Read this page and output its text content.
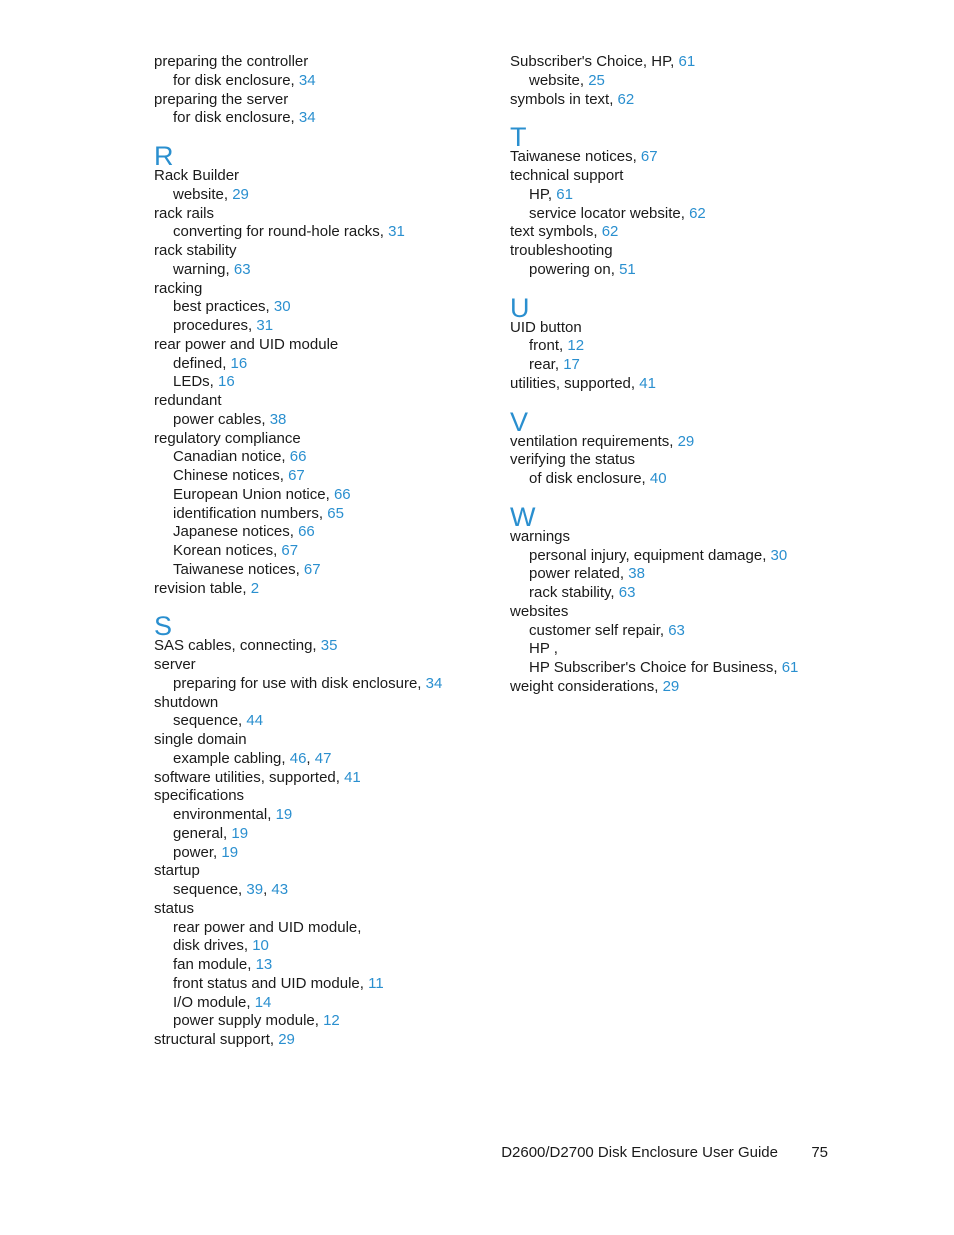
preparing the controller
for disk enclosure, 34
preparing the server
for disk enclosure, 34
R
Rack Builder
website, 29
rack rails
converting for round-hole racks, 31
rack stability
warning, 63
racking
best practices, 30
procedures, 31
rear power and UID module
defined, 16
LEDs, 16
redundant
power cables, 38
regulatory compliance
Canadian notice, 66
Chinese notices, 67
European Union notice, 66
identification numbers, 65
Japanese notices, 66
Korean notices, 67
Taiwanese notices, 67
revision table, 2
S
SAS cables, connecting, 35
server
preparing for use with disk enclosure, 34
shutdown
sequence, 44
single domain
example cabling, 46, 47
software utilities, supported, 41
specifications
environmental, 19
general, 19
power, 19
startup
sequence, 39, 43
status
rear power and UID module,
disk drives, 10
fan module, 13
front status and UID module, 11
I/O module, 14
power supply module, 12
structural support, 29
Subscriber's Choice, HP, 61
website, 25
symbols in text, 62
T
Taiwanese notices, 67
technical support
HP, 61
service locator website, 62
text symbols, 62
troubleshooting
powering on, 51
U
UID button
front, 12
rear, 17
utilities, supported, 41
V
ventilation requirements, 29
verifying the status
of disk enclosure, 40
W
warnings
personal injury, equipment damage, 30
power related, 38
rack stability, 63
websites
customer self repair, 63
HP ,
HP Subscriber's Choice for Business, 61
weight considerations, 29
D2600/D2700 Disk Enclosure User Guide 75
